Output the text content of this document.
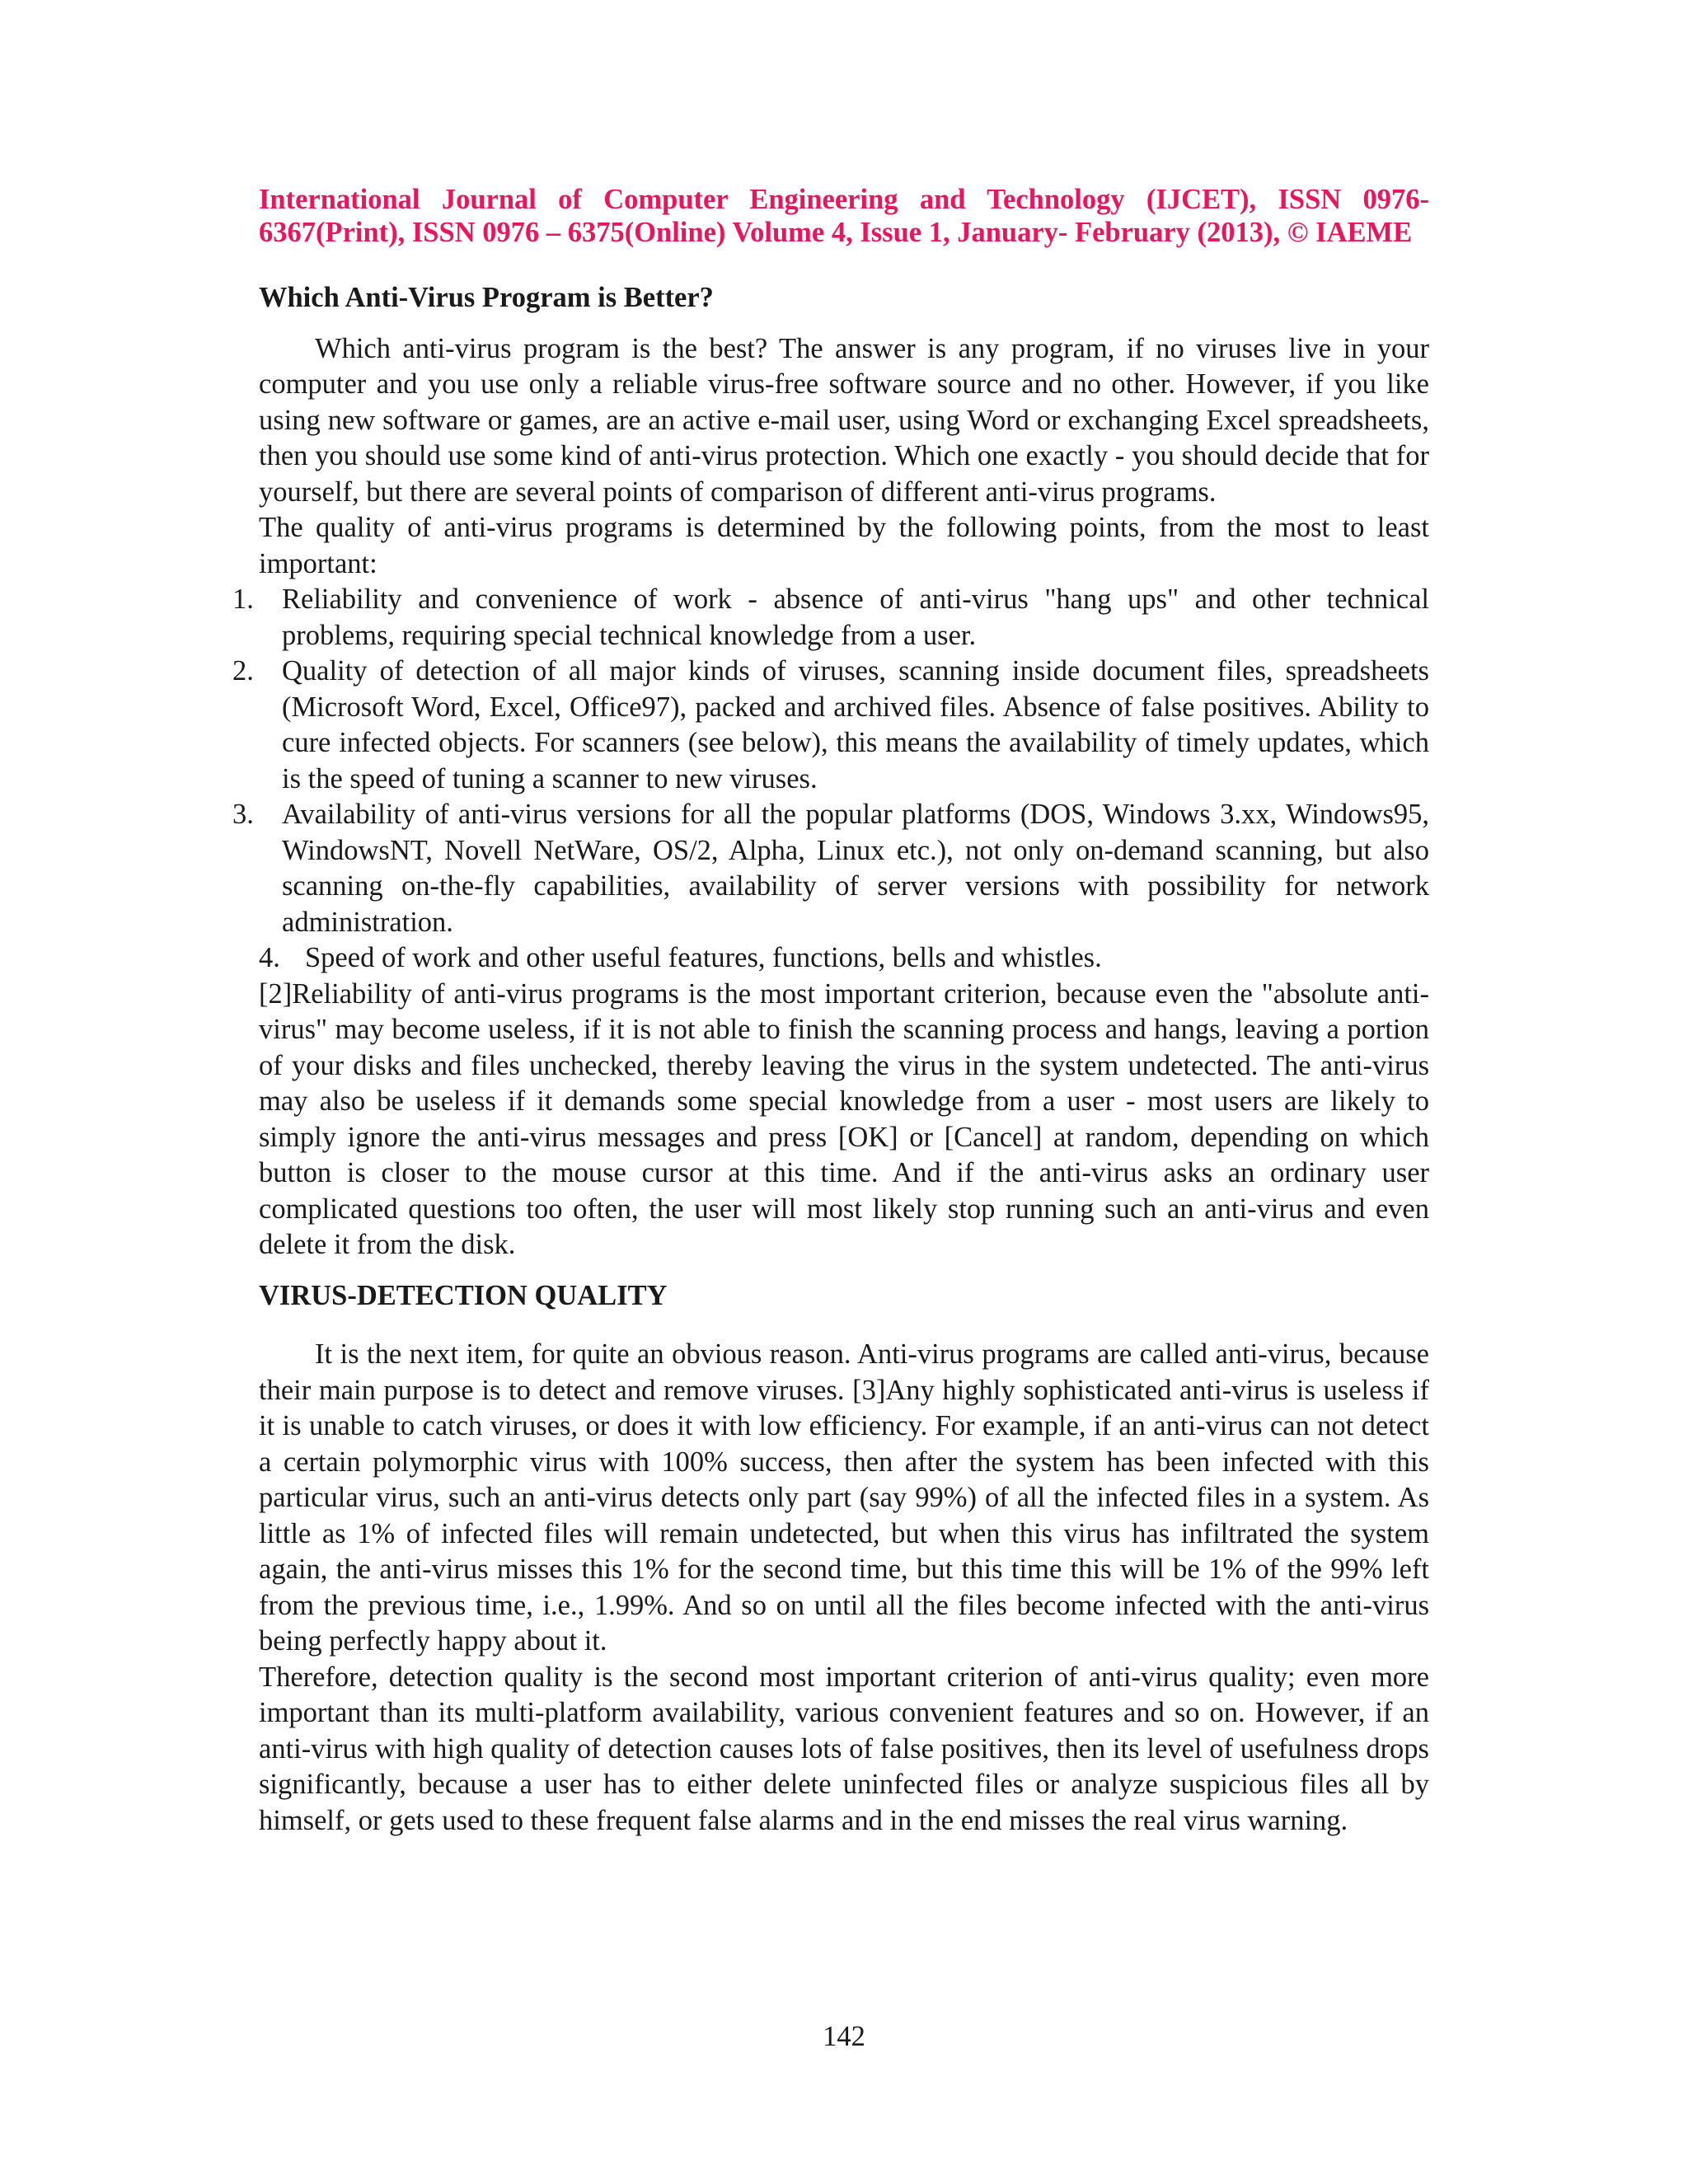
International Journal of Computer Engineering and Technology (IJCET), ISSN 0976-
6367(Print), ISSN 0976 – 6375(Online) Volume 4, Issue 1, January- February (2013), © IAEME
Which Anti-Virus Program is Better?

Which anti-virus program is the best? The answer is any program, if no viruses live in your computer and you use only a reliable virus-free software source and no other. However, if you like using new software or games, are an active e-mail user, using Word or exchanging Excel spreadsheets, then you should use some kind of anti-virus protection. Which one exactly - you should decide that for yourself, but there are several points of comparison of different anti-virus programs.

The quality of anti-virus programs is determined by the following points, from the most to least important:

1. Reliability and convenience of work - absence of anti-virus "hang ups" and other technical problems, requiring special technical knowledge from a user.
2. Quality of detection of all major kinds of viruses, scanning inside document files, spreadsheets (Microsoft Word, Excel, Office97), packed and archived files. Absence of false positives. Ability to cure infected objects. For scanners (see below), this means the availability of timely updates, which is the speed of tuning a scanner to new viruses.
3. Availability of anti-virus versions for all the popular platforms (DOS, Windows 3.xx, Windows95, WindowsNT, Novell NetWare, OS/2, Alpha, Linux etc.), not only on-demand scanning, but also scanning on-the-fly capabilities, availability of server versions with possibility for network administration.
4. Speed of work and other useful features, functions, bells and whistles.

[2]Reliability of anti-virus programs is the most important criterion, because even the "absolute anti-virus" may become useless, if it is not able to finish the scanning process and hangs, leaving a portion of your disks and files unchecked, thereby leaving the virus in the system undetected. The anti-virus may also be useless if it demands some special knowledge from a user - most users are likely to simply ignore the anti-virus messages and press [OK] or [Cancel] at random, depending on which button is closer to the mouse cursor at this time. And if the anti-virus asks an ordinary user complicated questions too often, the user will most likely stop running such an anti-virus and even delete it from the disk.

VIRUS-DETECTION QUALITY

It is the next item, for quite an obvious reason. Anti-virus programs are called anti-virus, because their main purpose is to detect and remove viruses. [3]Any highly sophisticated anti-virus is useless if it is unable to catch viruses, or does it with low efficiency. For example, if an anti-virus can not detect a certain polymorphic virus with 100% success, then after the system has been infected with this particular virus, such an anti-virus detects only part (say 99%) of all the infected files in a system. As little as 1% of infected files will remain undetected, but when this virus has infiltrated the system again, the anti-virus misses this 1% for the second time, but this time this will be 1% of the 99% left from the previous time, i.e., 1.99%. And so on until all the files become infected with the anti-virus being perfectly happy about it.

Therefore, detection quality is the second most important criterion of anti-virus quality; even more important than its multi-platform availability, various convenient features and so on. However, if an anti-virus with high quality of detection causes lots of false positives, then its level of usefulness drops significantly, because a user has to either delete uninfected files or analyze suspicious files all by himself, or gets used to these frequent false alarms and in the end misses the real virus warning.

142
